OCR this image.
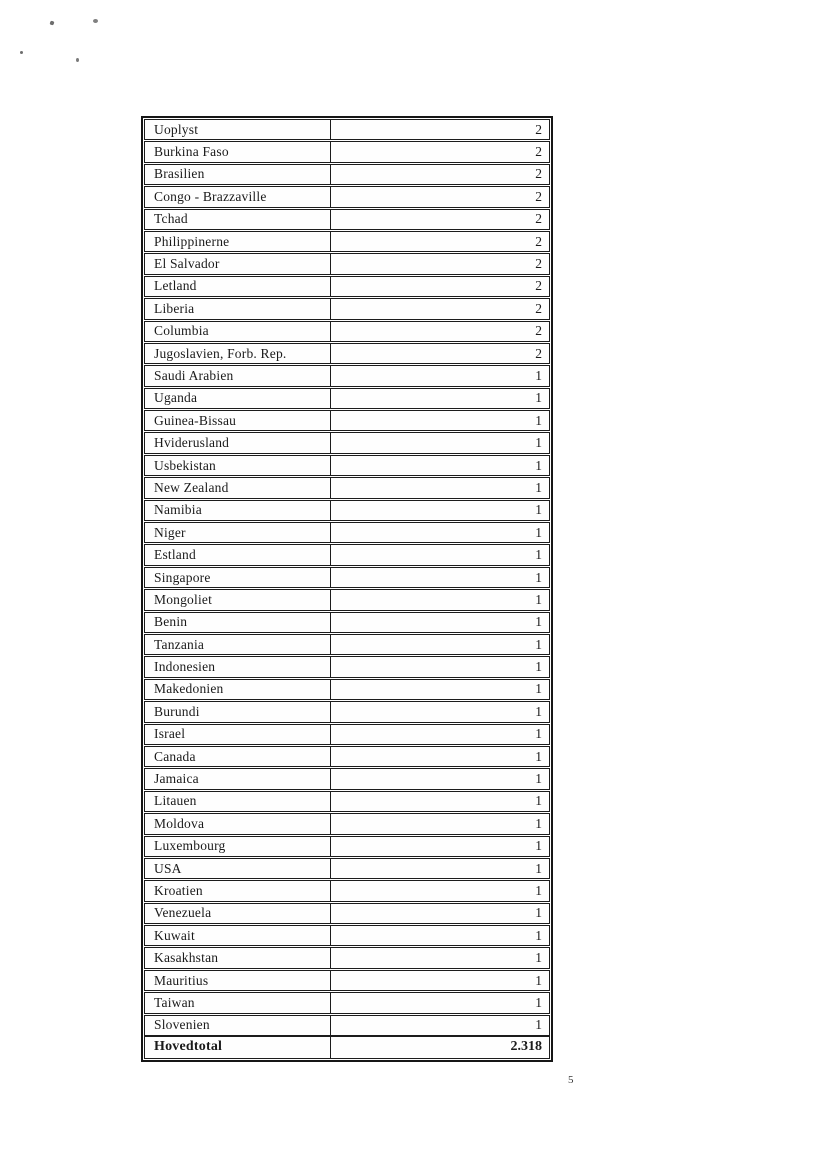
Uoplyst	2
Burkina Faso	2
Brasilien	2
Congo - Brazzaville	2
Tchad	2
Philippinerne	2
El Salvador	2
Letland	2
Liberia	2
Columbia	2
Jugoslavien, Forb. Rep.	2
Saudi Arabien	1
Uganda	1
Guinea-Bissau	1
Hviderusland	1
Usbekistan	1
New Zealand	1
Namibia	1
Niger	1
Estland	1
Singapore	1
Mongoliet	1
Benin	1
Tanzania	1
Indonesien	1
Makedonien	1
Burundi	1
Israel	1
Canada	1
Jamaica	1
Litauen	1
Moldova	1
Luxembourg	1
USA	1
Kroatien	1
Venezuela	1
Kuwait	1
Kasakhstan	1
Mauritius	1
Taiwan	1
Slovenien	1
Hovedtotal	2.318
5
